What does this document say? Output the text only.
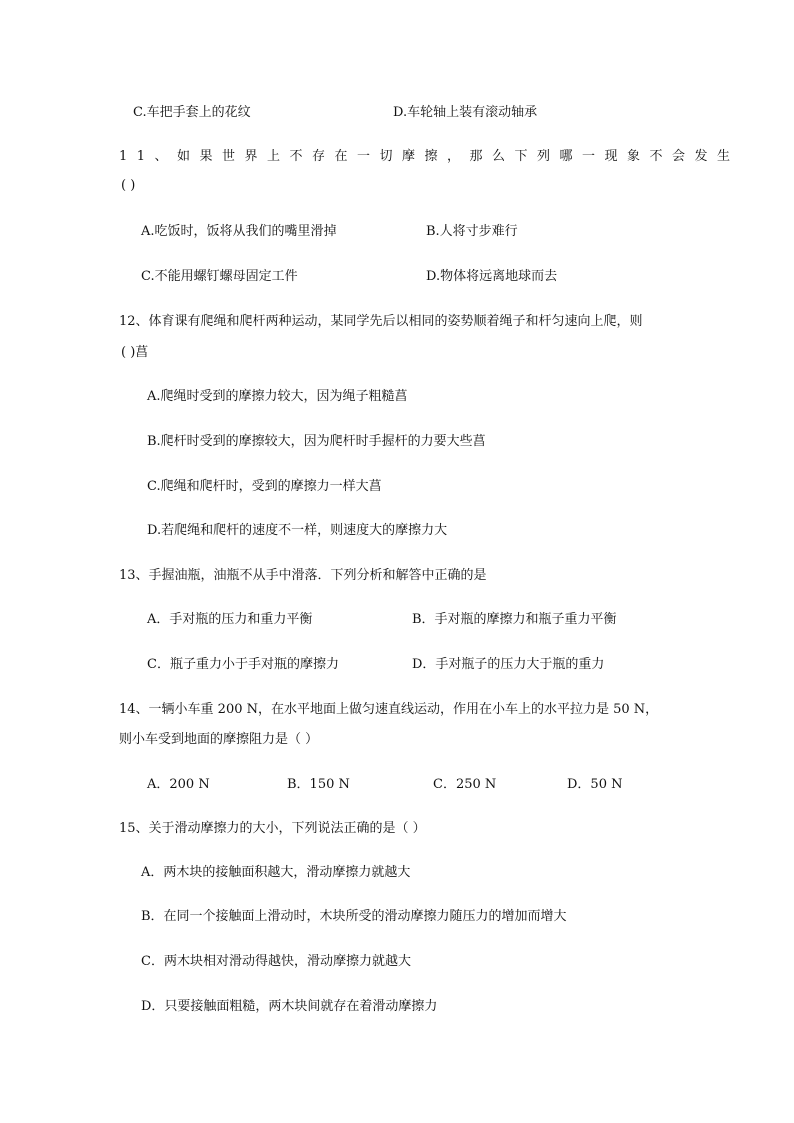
C.车把手套上的花纹	D.车轮轴上装有滚动轴承
11、如果世界上不存在一切摩擦，那么下列哪一现象不会发生
( )
A.吃饭时，饭将从我们的嘴里滑掉	B.人将寸步难行
C.不能用螺钉螺母固定工件	D.物体将远离地球而去
12、体育课有爬绳和爬杆两种运动，某同学先后以相同的姿势顺着绳子和杆匀速向上爬，则
( )菖
A.爬绳时受到的摩擦力较大，因为绳子粗糙菖
B.爬杆时受到的摩擦较大，因为爬杆时手握杆的力要大些菖
C.爬绳和爬杆时，受到的摩擦力一样大菖
D.若爬绳和爬杆的速度不一样，则速度大的摩擦力大
13、手握油瓶，油瓶不从手中滑落．下列分析和解答中正确的是
A．手对瓶的压力和重力平衡	B．手对瓶的摩擦力和瓶子重力平衡
C．瓶子重力小于手对瓶的摩擦力	D．手对瓶子的压力大于瓶的重力
14、一辆小车重 200 N，在水平地面上做匀速直线运动，作用在小车上的水平拉力是 50 N，
则小车受到地面的摩擦阻力是（ ）
A．200 N	B．150 N	C．250 N	D．50 N
15、关于滑动摩擦力的大小，下列说法正确的是（ ）
A．两木块的接触面积越大，滑动摩擦力就越大
B．在同一个接触面上滑动时，木块所受的滑动摩擦力随压力的增加而增大
C．两木块相对滑动得越快，滑动摩擦力就越大
D．只要接触面粗糙，两木块间就存在着滑动摩擦力
